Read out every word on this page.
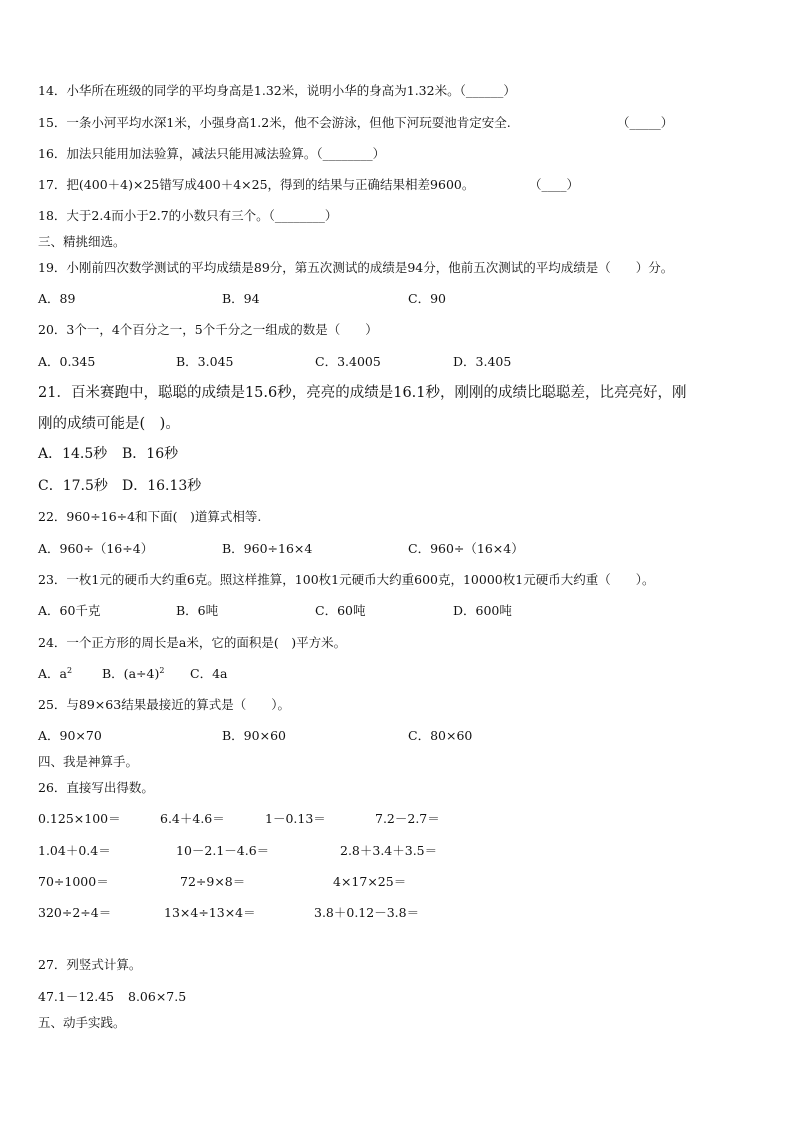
14．小华所在班级的同学的平均身高是1.32米，说明小华的身高为1.32米。（______）
15．一条小河平均水深1米，小强身高1.2米，他不会游泳，但他下河玩耍池肯定安全.	（_____）
16．加法只能用加法验算，减法只能用减法验算。（________）
17．把(400＋4)×25错写成400＋4×25，得到的结果与正确结果相差9600。	（____）
18．大于2.4而小于2.7的小数只有三个。（________）
三、精挑细选。
19．小刚前四次数学测试的平均成绩是89分，第五次测试的成绩是94分，他前五次测试的平均成绩是（　　）分。
A．89	B．94	C．90
20．3个一，4个百分之一，5个千分之一组成的数是（　　）
A．0.345	B．3.045	C．3.4005	D．3.405
21．百米赛跑中，聪聪的成绩是15.6秒，亮亮的成绩是16.1秒，刚刚的成绩比聪聪差，比亮亮好，刚
刚的成绩可能是(　)。
A．14.5秒 B．16秒
C．17.5秒 D．16.13秒
22．960÷16÷4和下面(　)道算式相等.
A．960÷（16÷4）	B．960÷16×4	C．960÷（16×4）
23．一枚1元的硬币大约重6克。照这样推算，100枚1元硬币大约重600克，10000枚1元硬币大约重（　　）。
A．60千克	B．6吨	C．60吨	D．600吨
24．一个正方形的周长是a米，它的面积是(　)平方米。
A．$a^2$ B．$(a\div 4)^2$ C．4a
25．与89×63结果最接近的算式是（　　）。
A．90×70	B．90×60	C．80×60
四、我是神算手。
26．直接写出得数。
0.125×100＝	6.4＋4.6＝	1－0.13＝	7.2－2.7＝
1.04＋0.4＝	10－2.1－4.6＝	2.8＋3.4＋3.5＝
70÷1000＝	72÷9×8＝	4×17×25＝
320÷2÷4＝	13×4÷13×4＝	3.8＋0.12－3.8＝
27．列竖式计算。
47.1－12.45 8.06×7.5
五、动手实践。
